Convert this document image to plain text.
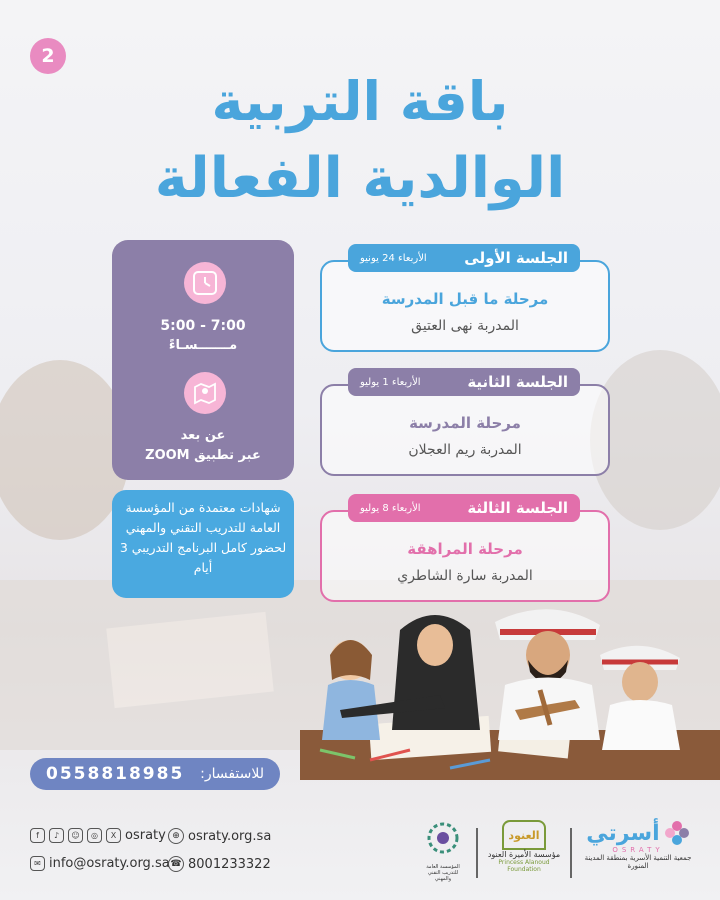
2
باقة التربية
الوالدية الفعالة
7:00 - 5:00
مـــــــسـاءً
عن بعد
عبر تطبيق ZOOM
شهادات معتمدة من المؤسسة العامة للتدريب التقني والمهني لحضور كامل البرنامج التدريبي 3 أيام
الجلسة الأولى
الأربعاء 24 يونيو
مرحلة ما قبل المدرسة
المدربة نهى العتيق
الجلسة الثانية
الأربعاء 1 يوليو
مرحلة المدرسة
المدربة ريم العجلان
الجلسة الثالثة
الأربعاء 8 يوليو
مرحلة المراهقة
المدربة سارة الشاطري
للاستفسار:
0558818985
f	♪	☺	◎	X osraty ⊕ osraty.org.sa
✉ info@osraty.org.sa ☎ 8001233322	المؤسسة العامة للتدريب التقني والمهني
العنود
مؤسسة الأميرة العنود
Princess Alanoud Foundation
أسرتي
OSRATY
جمعية التنمية الأسرية بمنطقة المدينة المنورة
